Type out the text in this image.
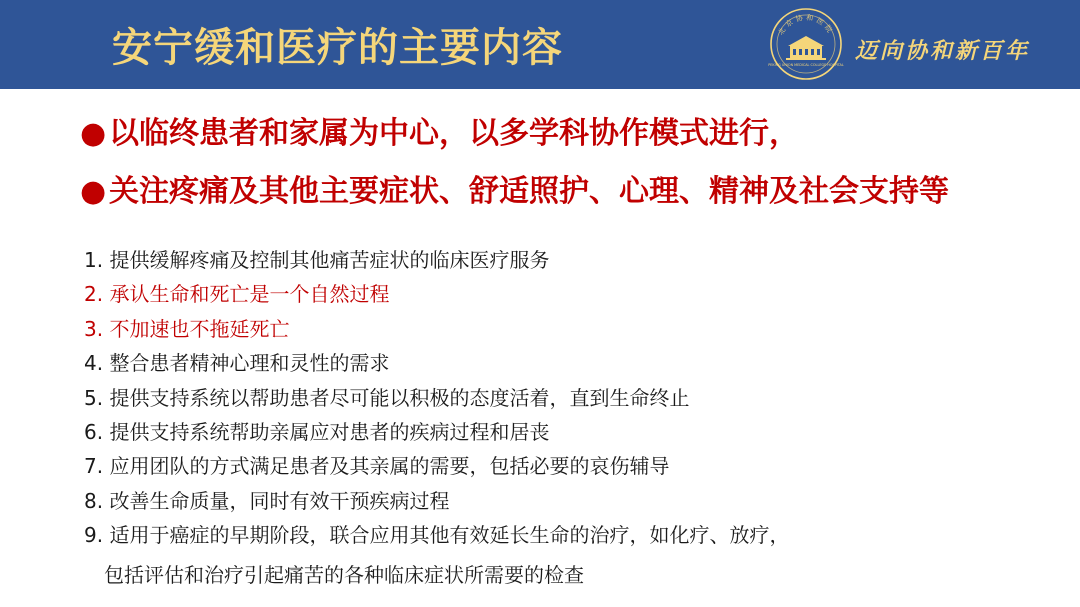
安宁缓和医疗的主要内容	北京协和医院
PEKING UNION MEDICAL COLLEGE HOSPITAL
迈向协和新百年
●以临终患者和家属为中心，以多学科协作模式进行，
●关注疼痛及其他主要症状、舒适照护、心理、精神及社会支持等
1. 提供缓解疼痛及控制其他痛苦症状的临床医疗服务
2. 承认生命和死亡是一个自然过程
3. 不加速也不拖延死亡
4. 整合患者精神心理和灵性的需求
5. 提供支持系统以帮助患者尽可能以积极的态度活着，直到生命终止
6. 提供支持系统帮助亲属应对患者的疾病过程和居丧
7. 应用团队的方式满足患者及其亲属的需要，包括必要的哀伤辅导
8. 改善生命质量，同时有效干预疾病过程
9. 适用于癌症的早期阶段，联合应用其他有效延长生命的治疗，如化疗、放疗，
包括评估和治疗引起痛苦的各种临床症状所需要的检查
